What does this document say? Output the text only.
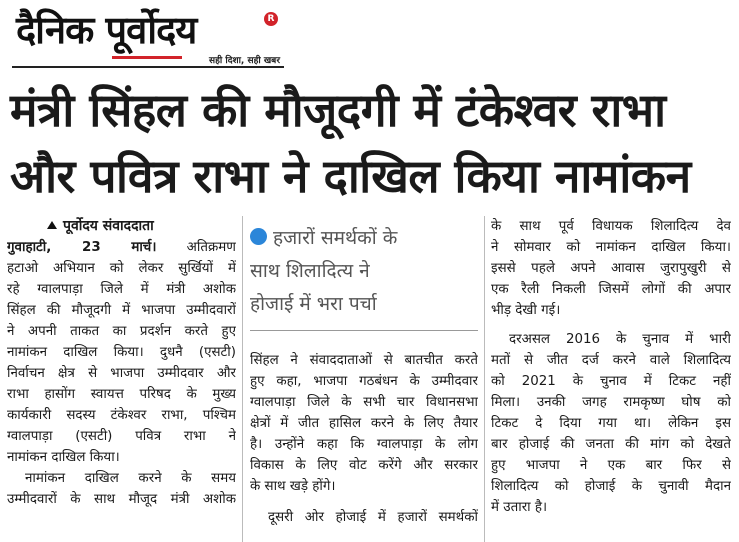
दैनिक पूर्वोदय	R
सही दिशा, सही खबर
मंत्री सिंहल की मौजूदगी में टंकेश्वर राभा
और पवित्र राभा ने दाखिल किया नामांकन
पूर्वोदय संवाददाता

गुवाहाटी, 23 मार्च। अतिक्रमण

हटाओ अभियान को लेकर सुर्खियों में

रहे ग्वालपाड़ा जिले में मंत्री अशोक

सिंहल की मौजूदगी में भाजपा उम्मीदवारों

ने अपनी ताकत का प्रदर्शन करते हुए

नामांकन दाखिल किया। दुधनै (एसटी)

निर्वाचन क्षेत्र से भाजपा उम्मीदवार और

राभा हासोंग स्वायत्त परिषद के मुख्य

कार्यकारी सदस्य टंकेश्वर राभा, पश्चिम

ग्वालपाड़ा (एसटी) पवित्र राभा ने

नामांकन दाखिल किया।

नामांकन दाखिल करने के समय

उम्मीदवारों के साथ मौजूद मंत्री अशोक

हजारों समर्थकों के
साथ शिलादित्य ने
होजाई में भरा पर्चा

सिंहल ने संवाददाताओं से बातचीत करते

हुए कहा, भाजपा गठबंधन के उम्मीदवार

ग्वालपाड़ा जिले के सभी चार विधानसभा

क्षेत्रों में जीत हासिल करने के लिए तैयार

है। उन्होंने कहा कि ग्वालपाड़ा के लोग

विकास के लिए वोट करेंगे और सरकार

के साथ खड़े होंगे।

दूसरी ओर होजाई में हजारों समर्थकों

के साथ पूर्व विधायक शिलादित्य देव

ने सोमवार को नामांकन दाखिल किया।

इससे पहले अपने आवास जुरापुखुरी से

एक रैली निकली जिसमें लोगों की अपार

भीड़ देखी गई।

दरअसल 2016 के चुनाव में भारी

मतों से जीत दर्ज करने वाले शिलादित्य

को 2021 के चुनाव में टिकट नहीं

मिला। उनकी जगह रामकृष्ण घोष को

टिकट दे दिया गया था। लेकिन इस

बार होजाई की जनता की मांग को देखते

हुए भाजपा ने एक बार फिर से

शिलादित्य को होजाई के चुनावी मैदान

में उतारा है।
